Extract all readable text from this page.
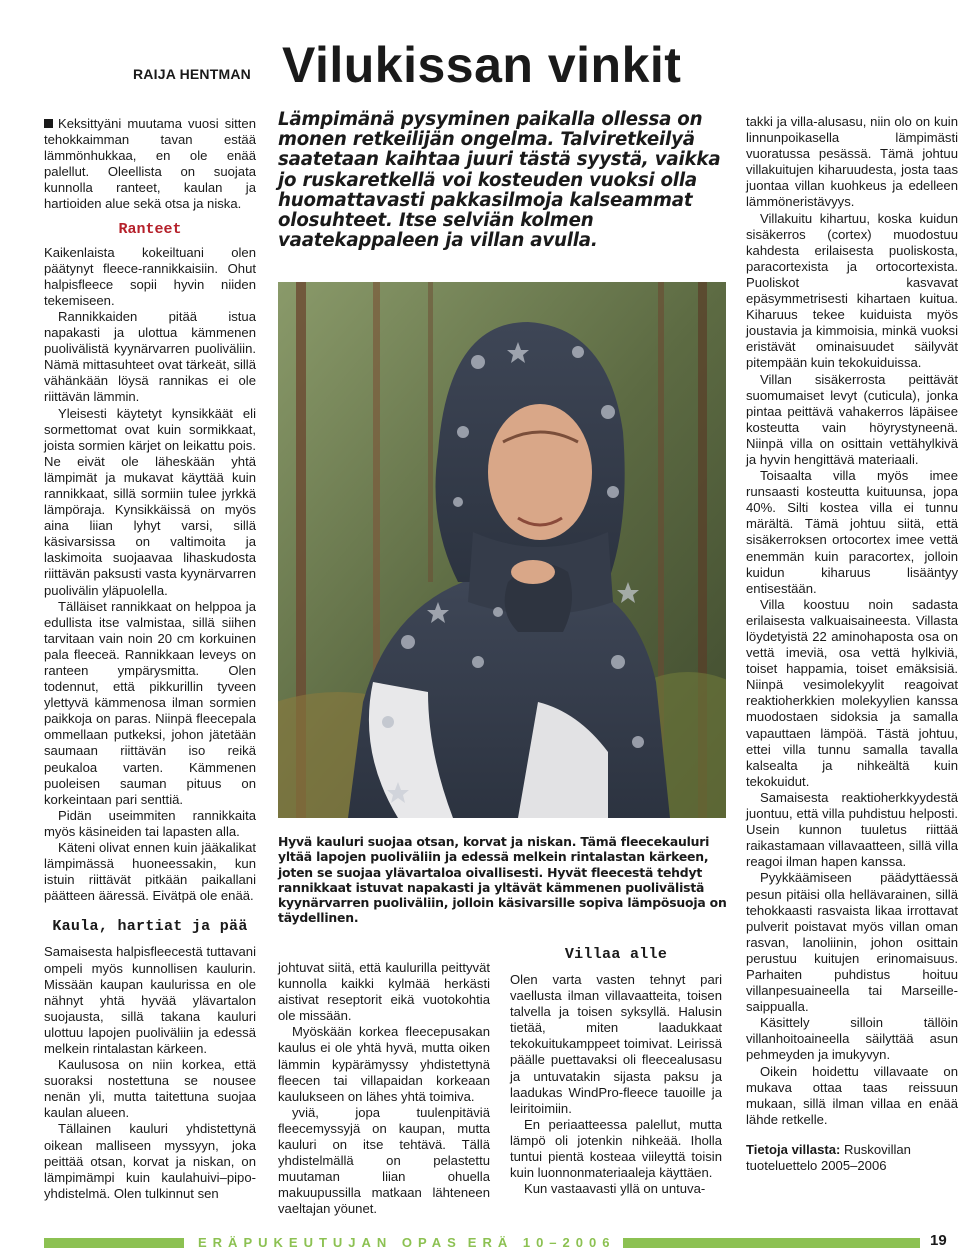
RAIJA HENTMAN Vilukissan vinkit

Keksittyäni muutama vuosi sitten tehokkaimman tavan estää lämmönhukkaa, en ole enää palellut. Oleellista on suojata kunnolla ranteet, kaulan ja hartioiden alue sekä otsa ja niska.

Ranteet

Kaikenlaista kokeiltuani olen päätynyt fleece-rannikkaisiin. Ohut halpisfleece sopii hyvin niiden tekemiseen.

Rannikkaiden pitää istua napakasti ja ulottua kämmenen puolivälistä kyynärvarren puoliväliin. Nämä mittasuhteet ovat tärkeät, sillä vähänkään löysä rannikas ei ole riittävän lämmin.

Yleisesti käytetyt kynsikkäät eli sormettomat ovat kuin sormikkaat, joista sormien kärjet on leikattu pois. Ne eivät ole läheskään yhtä lämpimät ja mukavat käyttää kuin rannikkaat, sillä sormiin tulee jyrkkä lämpöraja. Kynsikkäissä on myös aina liian lyhyt varsi, sillä käsivarsissa on valtimoita ja laskimoita suojaavaa lihaskudosta riittävän paksusti vasta kyynärvarren puolivälin yläpuolella.

Tälläiset rannikkaat on helppoa ja edullista itse valmistaa, sillä siihen tarvitaan vain noin 20 cm korkuinen pala fleeceä. Rannikkaan leveys on ranteen ympärysmitta. Olen todennut, että pikkurillin tyveen ylettyvä kämmenosa ilman sormien paikkoja on paras. Niinpä fleecepala ommellaan putkeksi, johon jätetään saumaan riittävän iso reikä peukaloa varten. Kämmenen puoleisen sauman pituus on korkeintaan pari senttiä.

Pidän useimmiten rannikkaita myös käsineiden tai lapasten alla.

Käteni olivat ennen kuin jääkalikat lämpimässä huoneessakin, kun istuin riittävät pitkään paikallani päätteen ääressä. Eivätpä ole enää.

Kaula, hartiat ja pää

Samaisesta halpisfleecestä tuttavani ompeli myös kunnollisen kaulurin. Missään kaupan kaulurissa en ole nähnyt yhtä hyvää ylävartalon suojausta, sillä takana kauluri ulottuu lapojen puoliväliin ja edessä melkein rintalastan kärkeen.

Kaulusosa on niin korkea, että suoraksi nostettuna se nousee nenän yli, mutta taitettuna suojaa kaulan alueen.

Tällainen kauluri yhdistettynä oikean malliseen myssyyn, joka peittää otsan, korvat ja niskan, on lämpimämpi kuin kaulahuivi–pipo-yhdistelmä. Olen tulkinnut sen

Lämpimänä pysyminen paikalla ollessa on monen retkeilijän ongelma. Talviretkeilyä saatetaan kaihtaa juuri tästä syystä, vaikka jo ruskaretkellä voi kosteuden vuoksi olla huomattavasti pakkasilmoja kalseammat olosuhteet. Itse selviän kolmen vaatekappaleen ja villan avulla.
Hyvä kauluri suojaa otsan, korvat ja niskan. Tämä fleecekauluri yltää lapojen puoliväliin ja edessä melkein rintalastan kärkeen, joten se suojaa ylävartaloa oivallisesti. Hyvät fleecestä tehdyt rannikkaat istuvat napakasti ja yltävät kämmenen puolivälistä kyynärvarren puoliväliin, jolloin käsivarsille sopiva lämpösuoja on täydellinen.

johtuvat siitä, että kaulurilla peittyvät kunnolla kaikki kylmää herkästi aistivat reseptorit eikä vuotokohtia ole missään.

Myöskään korkea fleecepusakan kaulus ei ole yhtä hyvä, mutta oiken lämmin kypärämyssy yhdistettynä fleecen tai villapaidan korkeaan kaulukseen on lähes yhtä toimiva.

yviä, jopa tuulenpitäviä fleecemyssyjä on kaupan, mutta kauluri on itse tehtävä. Tällä yhdistelmällä on pelastettu muutaman liian ohuella makuupussilla matkaan lähteneen vaeltajan yöunet.

Villaa alle

Olen varta vasten tehnyt pari vaellusta ilman villavaatteita, toisen talvella ja toisen syksyllä. Halusin tietää, miten laadukkaat tekokuitukamppeet toimivat. Leirissä päälle puettavaksi oli fleecealusasu ja untuvatakin sijasta paksu ja laadukas WindPro-fleece tauoille ja leiritoimiin.

En periaatteessa palellut, mutta lämpö oli jotenkin nihkeää. Iholla tuntui pientä kosteaa viileyttä toisin kuin luonnonmateriaaleja käyttäen.

Kun vastaavasti yllä on untuva-

takki ja villa-alusasu, niin olo on kuin linnunpoikasella lämpimästi vuoratussa pesässä. Tämä johtuu villakuitujen kiharuudesta, josta taas juontaa villan kuohkeus ja edelleen lämmöneristävyys.

Villakuitu kihartuu, koska kuidun sisäkerros (cortex) muodostuu kahdesta erilaisesta puoliskosta, paracortexista ja ortocortexista. Puoliskot kasvavat epäsymmetrisesti kihartaen kuitua. Kiharuus tekee kuiduista myös joustavia ja kimmoisia, minkä vuoksi eristävät ominaisuudet säilyvät pitempään kuin tekokuiduissa.

Villan sisäkerrosta peittävät suomumaiset levyt (cuticula), jonka pintaa peittävä vahakerros läpäisee kosteutta vain höyrystyneenä. Niinpä villa on osittain vettähylkivä ja hyvin hengittävä materiaali.

Toisaalta villa myös imee runsaasti kosteutta kuituunsa, jopa 40%. Silti kostea villa ei tunnu märältä. Tämä johtuu siitä, että sisäkerroksen ortocortex imee vettä enemmän kuin paracortex, jolloin kuidun kiharuus lisääntyy entisestään.

Villa koostuu noin sadasta erilaisesta valkuaisaineesta. Villasta löydetyistä 22 aminohaposta osa on vettä imeviä, osa vettä hylkiviä, toiset happamia, toiset emäksisiä. Niinpä vesimolekyylit reagoivat reaktioherkkien molekyylien kanssa muodostaen sidoksia ja samalla vapauttaen lämpöä. Tästä johtuu, ettei villa tunnu samalla tavalla kalsealta ja nihkeältä kuin tekokuidut.

Samaisesta reaktioherkkyydestä juontuu, että villa puhdistuu helposti. Usein kunnon tuuletus riittää raikastamaan villavaatteen, sillä villa reagoi ilman hapen kanssa.

Pyykkäämiseen päädyttäessä pesun pitäisi olla hellävarainen, sillä tehokkaasti rasvaista likaa irrottavat pulverit poistavat myös villan oman rasvan, lanoliinin, johon osittain perustuu kuitujen erinomaisuus. Parhaiten puhdistus hoituu villanpesuaineella tai Marseille-saippualla.

Käsittely silloin tällöin villanhoitoaineella säilyttää asun pehmeyden ja imukyvyn.

Oikein hoidettu villavaate on mukava ottaa taas reissuun mukaan, sillä ilman villaa en enää lähde retkelle.

Tietoja villasta: Ruskovillan tuoteluettelo 2005–2006

ERÄPUKEUTUJAN OPAS ERÄ 10–2006	19
